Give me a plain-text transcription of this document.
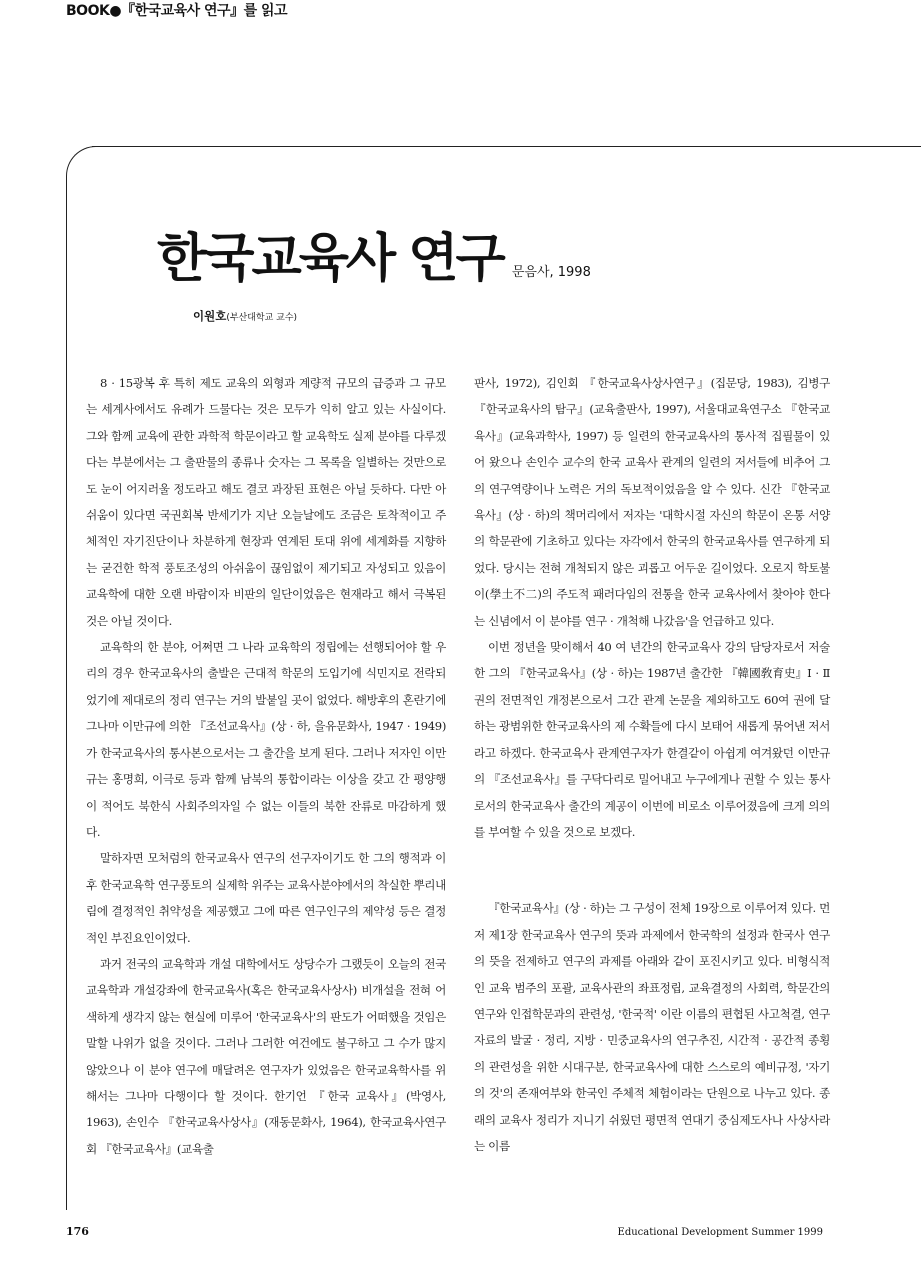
BOOK●『한국교육사 연구』를 읽고
한국교육사 연구 문음사, 1998
이원호(부산대학교 교수)

8 · 15광복 후 특히 제도 교육의 외형과 계량적 규모의 급증과 그 규모는 세계사에서도 유례가 드물다는 것은 모두가 익히 알고 있는 사실이다. 그와 함께 교육에 관한 과학적 학문이라고 할 교육학도 실제 분야를 다루겠다는 부분에서는 그 출판물의 종류나 숫자는 그 목록을 일별하는 것만으로도 눈이 어지러울 정도라고 해도 결코 과장된 표현은 아닐 듯하다. 다만 아쉬움이 있다면 국권회복 반세기가 지난 오늘날에도 조금은 토착적이고 주체적인 자기진단이나 차분하게 현장과 연계된 토대 위에 세계화를 지향하는 굳건한 학적 풍토조성의 아쉬움이 끊임없이 제기되고 자성되고 있음이 교육학에 대한 오랜 바람이자 비판의 일단이었음은 현재라고 해서 극복된 것은 아닐 것이다.

교육학의 한 분야, 어쩌면 그 나라 교육학의 정립에는 선행되어야 할 우리의 경우 한국교육사의 출발은 근대적 학문의 도입기에 식민지로 전락되었기에 제대로의 정리 연구는 거의 발붙일 곳이 없었다. 해방후의 혼란기에 그나마 이만규에 의한 『조선교육사』(상 · 하, 을유문화사, 1947 · 1949)가 한국교육사의 통사본으로서는 그 출간을 보게 된다. 그러나 저자인 이만규는 홍명희, 이극로 등과 함께 남북의 통합이라는 이상을 갖고 간 평양행이 적어도 북한식 사회주의자일 수 없는 이들의 북한 잔류로 마감하게 했다.

말하자면 모처럼의 한국교육사 연구의 선구자이기도 한 그의 행적과 이후 한국교육학 연구풍토의 실제학 위주는 교육사분야에서의 착실한 뿌리내림에 결정적인 취약성을 제공했고 그에 따른 연구인구의 제약성 등은 결정적인 부진요인이었다.

과거 전국의 교육학과 개설 대학에서도 상당수가 그랬듯이 오늘의 전국교육학과 개설강좌에 한국교육사(혹은 한국교육사상사) 비개설을 전혀 어색하게 생각지 않는 현실에 미루어 '한국교육사'의 판도가 어떠했을 것임은 말할 나위가 없을 것이다. 그러나 그러한 여건에도 불구하고 그 수가 많지 않았으나 이 분야 연구에 매달려온 연구자가 있었음은 한국교육학사를 위해서는 그나마 다행이다 할 것이다. 한기언 『한국 교육사』(박영사, 1963), 손인수 『한국교육사상사』(재동문화사, 1964), 한국교육사연구회 『한국교육사』(교육출

판사, 1972), 김인회 『한국교육사상사연구』(집문당, 1983), 김병구 『한국교육사의 탐구』(교육출판사, 1997), 서울대교육연구소 『한국교육사』(교육과학사, 1997) 등 일련의 한국교육사의 통사적 집필물이 있어 왔으나 손인수 교수의 한국 교육사 관계의 일련의 저서들에 비추어 그의 연구역량이나 노력은 거의 독보적이었음을 알 수 있다. 신간 『한국교육사』(상 · 하)의 책머리에서 저자는 '대학시절 자신의 학문이 온통 서양의 학문관에 기초하고 있다는 자각에서 한국의 한국교육사를 연구하게 되었다. 당시는 전혀 개척되지 않은 괴롭고 어두운 길이었다. 오로지 학토불이(學土不二)의 주도적 패러다임의 전통을 한국 교육사에서 찾아야 한다는 신념에서 이 분야를 연구 · 개척해 나갔음'을 언급하고 있다.

이번 정년을 맞이해서 40 여 년간의 한국교육사 강의 담당자로서 저술한 그의 『한국교육사』(상 · 하)는 1987년 출간한 『韓國敎育史』Ⅰ · Ⅱ권의 전면적인 개정본으로서 그간 관계 논문을 제외하고도 60여 권에 달하는 광범위한 한국교육사의 제 수확들에 다시 보태어 새롭게 묶어낸 저서라고 하겠다. 한국교육사 관계연구자가 한결같이 아쉽게 여겨왔던 이만규의 『조선교육사』를 구닥다리로 밀어내고 누구에게나 권할 수 있는 통사로서의 한국교육사 출간의 계공이 이번에 비로소 이루어졌음에 크게 의의를 부여할 수 있을 것으로 보겠다.

『한국교육사』(상 · 하)는 그 구성이 전체 19장으로 이루어져 있다. 먼저 제1장 한국교육사 연구의 뜻과 과제에서 한국학의 설정과 한국사 연구의 뜻을 전제하고 연구의 과제를 아래와 같이 포진시키고 있다. 비형식적인 교육 범주의 포괄, 교육사관의 좌표정립, 교육결정의 사회력, 학문간의 연구와 인접학문과의 관련성, '한국적' 이란 이름의 편협된 사고척결, 연구자료의 발굴 · 정리, 지방 · 민중교육사의 연구추진, 시간적 · 공간적 종횡의 관련성을 위한 시대구분, 한국교육사에 대한 스스로의 예비규정, '자기의 것'의 존재여부와 한국인 주체적 체험이라는 단원으로 나누고 있다. 종래의 교육사 정리가 지니기 쉬웠던 평면적 연대기 중심제도사나 사상사라는 이름

176	Educational Development Summer 1999
